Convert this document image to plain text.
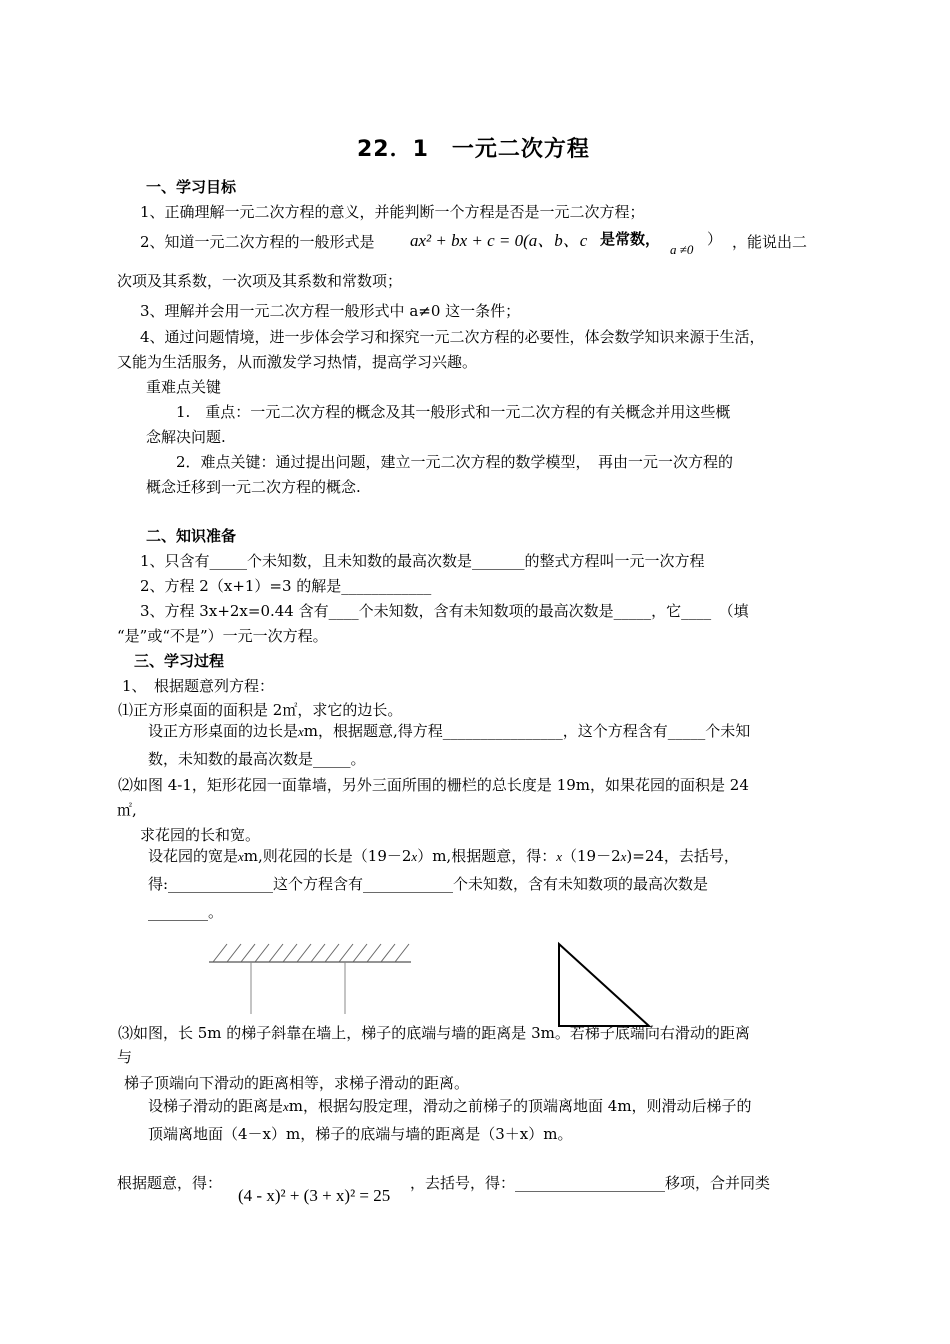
22．1　一元二次方程
一、学习目标
1、正确理解一元二次方程的意义，并能判断一个方程是否是一元二次方程；
2、知道一元二次方程的一般形式是 ax² + bx + c = 0(a、b、c 是常数，
a ≠0
） ，能说出二
次项及其系数，一次项及其系数和常数项；
3、理解并会用一元二次方程一般形式中 a≠0 这一条件；
4、通过问题情境，进一步体会学习和探究一元二次方程的必要性，体会数学知识来源于生活，
又能为生活服务，从而激发学习热情，提高学习兴趣。
重难点关键
1.　重点：一元二次方程的概念及其一般形式和一元二次方程的有关概念并用这些概
念解决问题.
2．难点关键：通过提出问题，建立一元二次方程的数学模型，　再由一元一次方程的
概念迁移到一元二次方程的概念.
二、知识准备
1、只含有_____个未知数，且未知数的最高次数是_______的整式方程叫一元一次方程
2、方程 2（x+1）=3 的解是____________
3、方程 3x+2x=0.44 含有____个未知数，含有未知数项的最高次数是_____，它____　（填
“是”或“不是”）一元一次方程。
三、学习过程
1、　根据题意列方程：
⑴正方形桌面的面积是 2㎡，求它的边长。
设正方形桌面的边长是xm，根据题意,得方程________________，这个方程含有_____个未知
数，未知数的最高次数是_____。
⑵如图 4-1，矩形花园一面靠墙，另外三面所围的栅栏的总长度是 19m，如果花园的面积是 24
㎡,
求花园的长和宽。
设花园的宽是xm,则花园的长是（19－2x）m,根据题意，得：x（19－2x)=24，去括号，
得:______________这个方程含有____________个未知数，含有未知数项的最高次数是
________。
⑶如图，长 5m 的梯子斜靠在墙上，梯子的底端与墙的距离是 3m。若梯子底端向右滑动的距离
与
梯子顶端向下滑动的距离相等，求梯子滑动的距离。
设梯子滑动的距离是xm，根据勾股定理，滑动之前梯子的顶端离地面 4m，则滑动后梯子的
顶端离地面（4－x）m，梯子的底端与墙的距离是（3＋x）m。
根据题意，得：
(4 - x)² + (3 + x)² = 25
，去括号，得：____________________移项，合并同类
